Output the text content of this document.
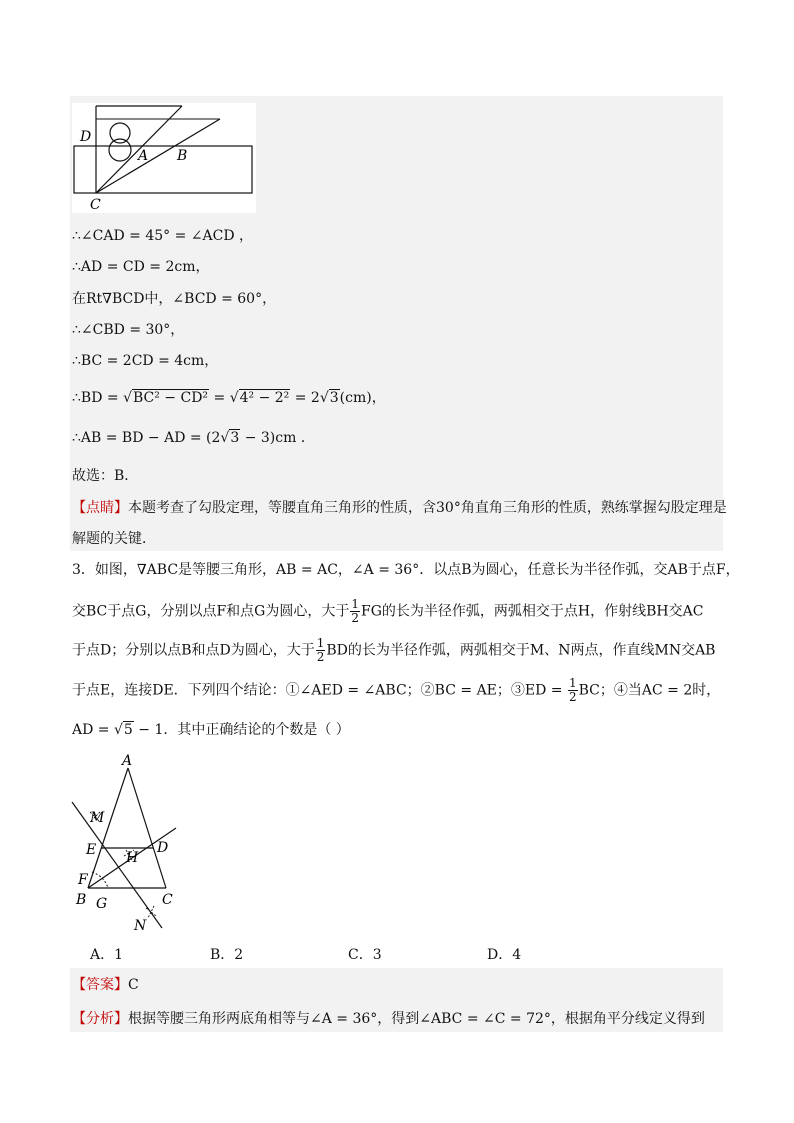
D
A B
C
∴∠CAD = 45° = ∠ACD ，
∴AD = CD = 2cm，
在Rt∇BCD中，∠BCD = 60°，
∴∠CBD = 30°，
∴BC = 2CD = 4cm，
∴BD = √BC² − CD² = √4² − 2² = 2√3(cm)，
∴AB = BD − AD = (2√3 − 3)cm ．
故选：B．
【点睛】本题考查了勾股定理，等腰直角三角形的性质，含30°角直角三角形的性质，熟练掌握勾股定理是
解题的关键．
3．如图，∇ABC是等腰三角形，AB = AC，∠A = 36°．以点B为圆心，任意长为半径作弧，交AB于点F，
交BC于点G，分别以点F和点G为圆心，大于 $\frac{1}{2}$ FG的长为半径作弧，两弧相交于点H，作射线BH交AC
于点D；分别以点B和点D为圆心，大于 $\frac{1}{2}$ BD的长为半径作弧，两弧相交于M、N两点，作直线MN交AB
于点E，连接DE．下列四个结论：①∠AED = ∠ABC；②BC = AE；③ED = $\frac{1}{2}$ BC；④当AC = 2时，
AD = √5 − 1．其中正确结论的个数是（ ）
A
M
E H
D
F
B G	C
N
A．1	B．2	C．3	D．4
【答案】C
【分析】根据等腰三角形两底角相等与∠A = 36°，得到∠ABC = ∠C = 72°，根据角平分线定义得到
